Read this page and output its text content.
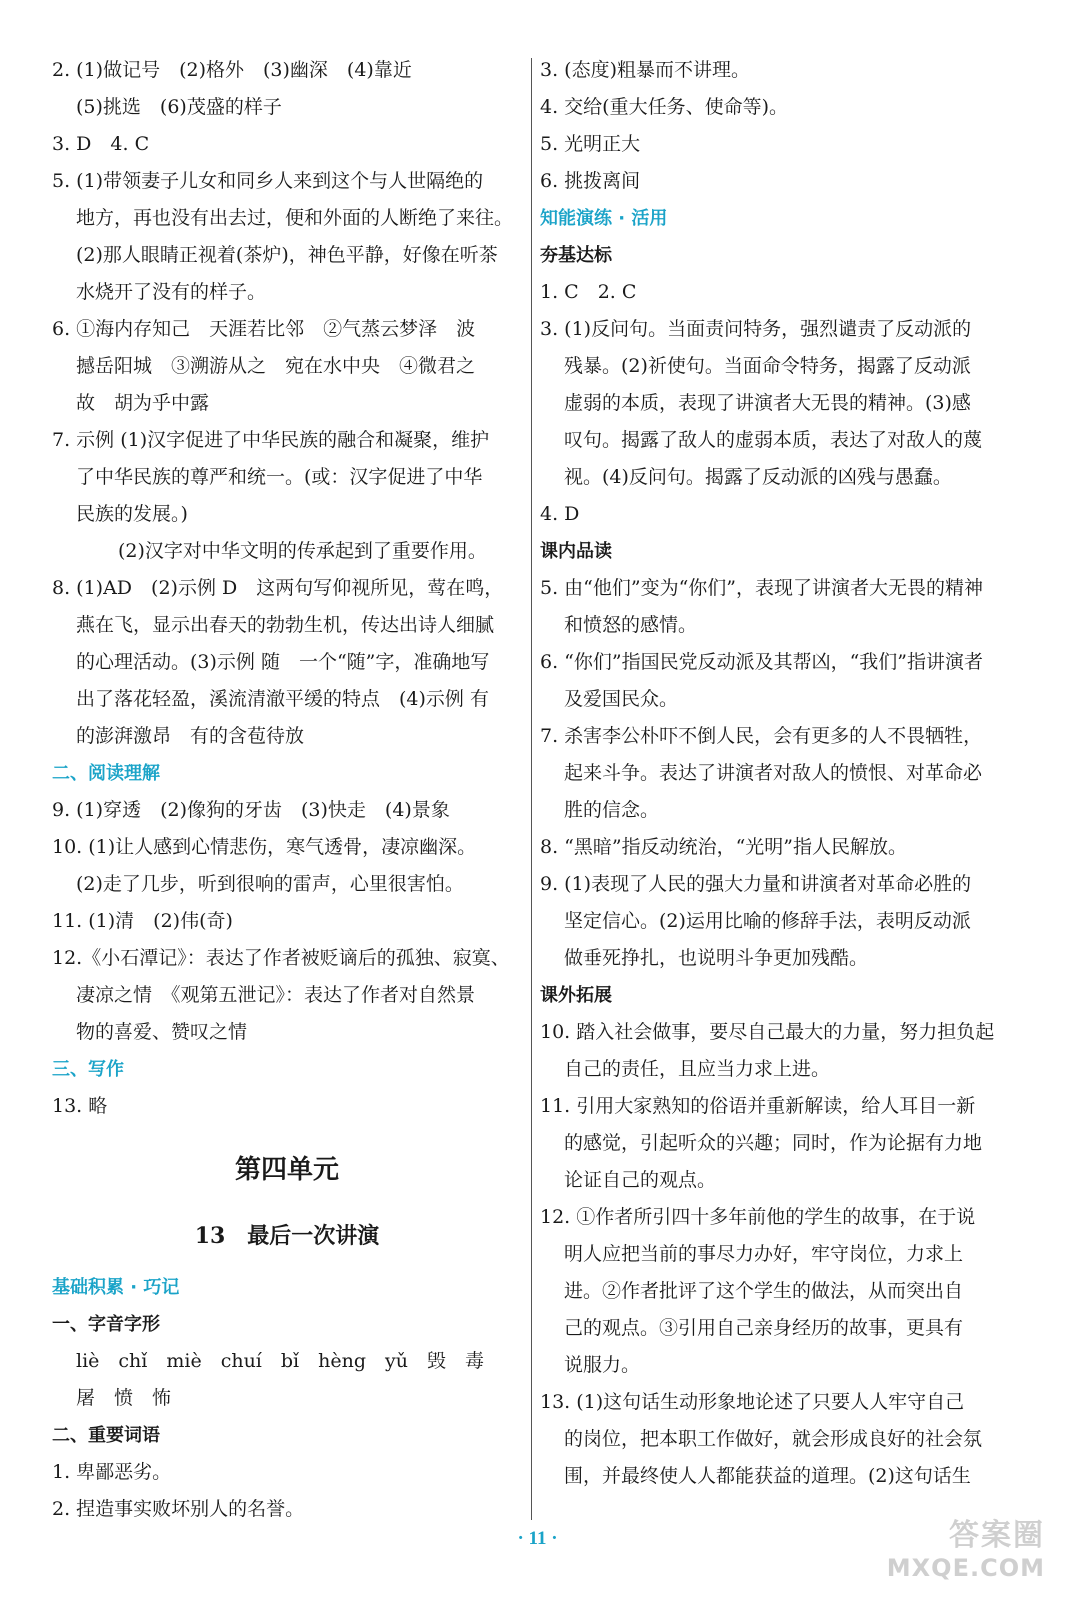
2. (1)做记号　(2)格外　(3)幽深　(4)靠近
(5)挑选　(6)茂盛的样子
3. D　4. C
5. (1)带领妻子儿女和同乡人来到这个与人世隔绝的
地方，再也没有出去过，便和外面的人断绝了来往。
(2)那人眼睛正视着(茶炉)，神色平静，好像在听茶
水烧开了没有的样子。
6. ①海内存知己　天涯若比邻　②气蒸云梦泽　波
撼岳阳城　③溯游从之　宛在水中央　④微君之
故　胡为乎中露
7. 示例 (1)汉字促进了中华民族的融合和凝聚，维护
了中华民族的尊严和统一。(或：汉字促进了中华
民族的发展。)
(2)汉字对中华文明的传承起到了重要作用。
8. (1)AD　(2)示例 D　这两句写仰视所见，莺在鸣，
燕在飞，显示出春天的勃勃生机，传达出诗人细腻
的心理活动。(3)示例 随　一个“随”字，准确地写
出了落花轻盈，溪流清澈平缓的特点　(4)示例 有
的澎湃激昂　有的含苞待放
二、阅读理解
9. (1)穿透　(2)像狗的牙齿　(3)快走　(4)景象
10. (1)让人感到心情悲伤，寒气透骨，凄凉幽深。
(2)走了几步，听到很响的雷声，心里很害怕。
11. (1)清　(2)伟(奇)
12.《小石潭记》：表达了作者被贬谪后的孤独、寂寞、
凄凉之情　《观第五泄记》：表达了作者对自然景
物的喜爱、赞叹之情
三、写作
13. 略
第四单元
13　最后一次讲演
基础积累 · 巧记
一、字音字形
liè　chǐ　miè　chuí　bǐ　hèng　yǔ　毁　毒
屠　愤　怖
二、重要词语
1. 卑鄙恶劣。
2. 捏造事实败坏别人的名誉。
3. (态度)粗暴而不讲理。
4. 交给(重大任务、使命等)。
5. 光明正大
6. 挑拨离间
知能演练 · 活用
夯基达标
1. C　2. C
3. (1)反问句。当面责问特务，强烈谴责了反动派的
残暴。(2)祈使句。当面命令特务，揭露了反动派
虚弱的本质，表现了讲演者大无畏的精神。(3)感
叹句。揭露了敌人的虚弱本质，表达了对敌人的蔑
视。(4)反问句。揭露了反动派的凶残与愚蠢。
4. D
课内品读
5. 由“他们”变为“你们”，表现了讲演者大无畏的精神
和愤怒的感情。
6. “你们”指国民党反动派及其帮凶，“我们”指讲演者
及爱国民众。
7. 杀害李公朴吓不倒人民，会有更多的人不畏牺牲，
起来斗争。表达了讲演者对敌人的愤恨、对革命必
胜的信念。
8. “黑暗”指反动统治，“光明”指人民解放。
9. (1)表现了人民的强大力量和讲演者对革命必胜的
坚定信心。(2)运用比喻的修辞手法，表明反动派
做垂死挣扎，也说明斗争更加残酷。
课外拓展
10. 踏入社会做事，要尽自己最大的力量，努力担负起
自己的责任，且应当力求上进。
11. 引用大家熟知的俗语并重新解读，给人耳目一新
的感觉，引起听众的兴趣；同时，作为论据有力地
论证自己的观点。
12. ①作者所引四十多年前他的学生的故事，在于说
明人应把当前的事尽力办好，牢守岗位，力求上
进。②作者批评了这个学生的做法，从而突出自
己的观点。③引用自己亲身经历的故事，更具有
说服力。
13. (1)这句话生动形象地论述了只要人人牢守自己
的岗位，把本职工作做好，就会形成良好的社会氛
围，并最终使人人都能获益的道理。(2)这句话生
· 11 ·	答案圈
MXQE.COM
